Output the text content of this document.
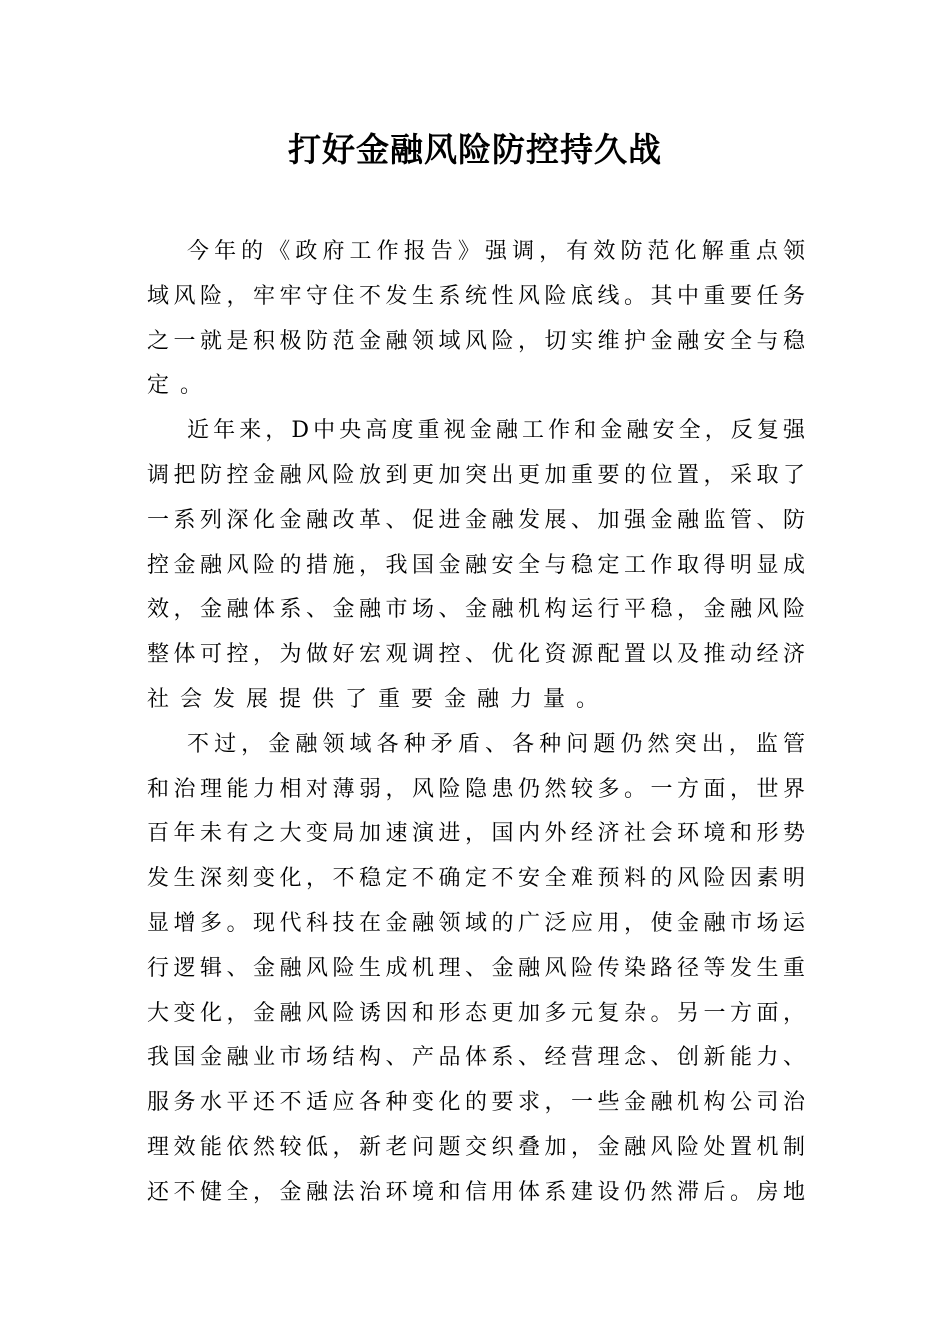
打好金融风险防控持久战
今年的《政府工作报告》强调，有效防范化解重点领
域风险，牢牢守住不发生系统性风险底线。其中重要任务
之一就是积极防范金融领域风险，切实维护金融安全与稳
定。
近年来，D中央高度重视金融工作和金融安全，反复强
调把防控金融风险放到更加突出更加重要的位置，采取了
一系列深化金融改革、促进金融发展、加强金融监管、防
控金融风险的措施，我国金融安全与稳定工作取得明显成
效，金融体系、金融市场、金融机构运行平稳，金融风险
整体可控，为做好宏观调控、优化资源配置以及推动经济
社会发展提供了重要金融力量。
不过，金融领域各种矛盾、各种问题仍然突出，监管
和治理能力相对薄弱，风险隐患仍然较多。一方面，世界
百年未有之大变局加速演进，国内外经济社会环境和形势
发生深刻变化，不稳定不确定不安全难预料的风险因素明
显增多。现代科技在金融领域的广泛应用，使金融市场运
行逻辑、金融风险生成机理、金融风险传染路径等发生重
大变化，金融风险诱因和形态更加多元复杂。另一方面，
我国金融业市场结构、产品体系、经营理念、创新能力、
服务水平还不适应各种变化的要求，一些金融机构公司治
理效能依然较低，新老问题交织叠加，金融风险处置机制
还不健全，金融法治环境和信用体系建设仍然滞后。房地
